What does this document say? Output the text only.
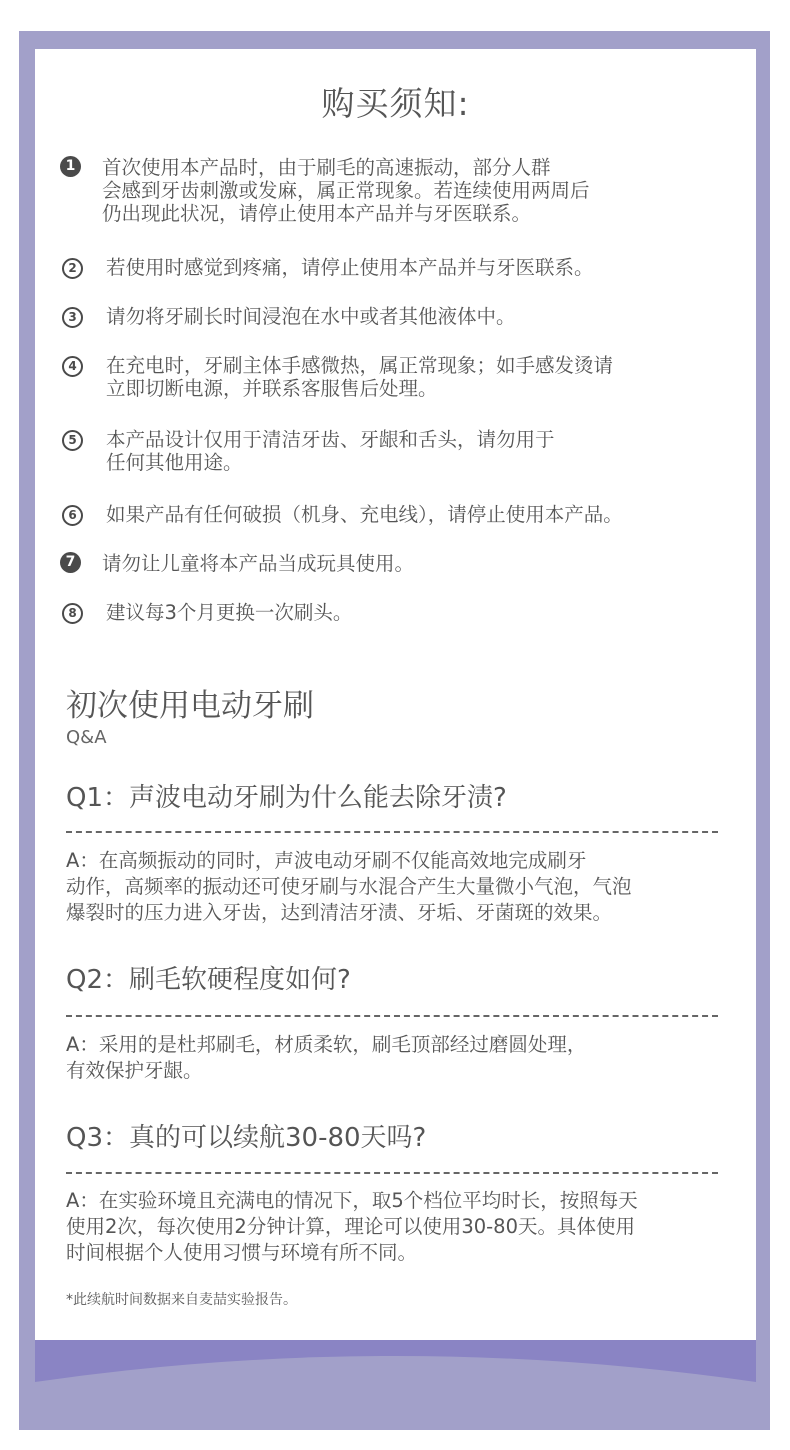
购买须知:
1 首次使用本产品时，由于刷毛的高速振动，部分人群
会感到牙齿刺激或发麻，属正常现象。若连续使用两周后
仍出现此状况，请停止使用本产品并与牙医联系。
2	若使用时感觉到疼痛，请停止使用本产品并与牙医联系。
3	请勿将牙刷长时间浸泡在水中或者其他液体中。
4	在充电时，牙刷主体手感微热，属正常现象；如手感发烫请
立即切断电源，并联系客服售后处理。
5	本产品设计仅用于清洁牙齿、牙龈和舌头，请勿用于
任何其他用途。
6	如果产品有任何破损（机身、充电线），请停止使用本产品。
7 请勿让儿童将本产品当成玩具使用。
8	建议每3个月更换一次刷头。
初次使用电动牙刷
Q&A
Q1：声波电动牙刷为什么能去除牙渍?
A：在高频振动的同时，声波电动牙刷不仅能高效地完成刷牙
动作，高频率的振动还可使牙刷与水混合产生大量微小气泡，气泡
爆裂时的压力进入牙齿，达到清洁牙渍、牙垢、牙菌斑的效果。
Q2：刷毛软硬程度如何?
A：采用的是杜邦刷毛，材质柔软，刷毛顶部经过磨圆处理，
有效保护牙龈。
Q3：真的可以续航30-80天吗?
A：在实验环境且充满电的情况下，取5个档位平均时长，按照每天
使用2次，每次使用2分钟计算，理论可以使用30-80天。具体使用
时间根据个人使用习惯与环境有所不同。
*此续航时间数据来自麦喆实验报告。
